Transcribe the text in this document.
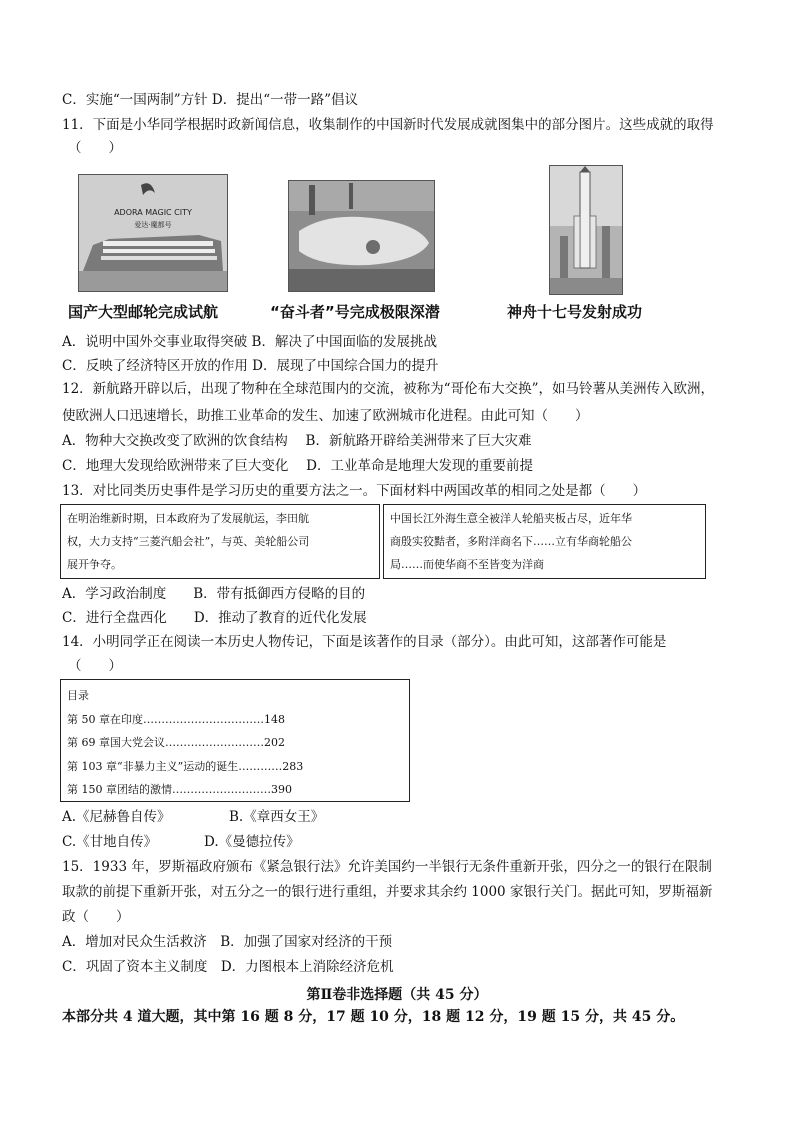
C．实施“一国两制”方针 D．提出“一带一路”倡议
11．下面是小华同学根据时政新闻信息，收集制作的中国新时代发展成就图集中的部分图片。这些成就的取得
（　　）
ADORA MAGIC CITY
爱达·魔都号
国产大型邮轮完成试航	“奋斗者”号完成极限深潜	神舟十七号发射成功
A．说明中国外交事业取得突破 B．解决了中国面临的发展挑战
C．反映了经济特区开放的作用 D．展现了中国综合国力的提升
12．新航路开辟以后，出现了物种在全球范围内的交流，被称为“哥伦布大交换”，如马铃薯从美洲传入欧洲，
使欧洲人口迅速增长，助推工业革命的发生、加速了欧洲城市化进程。由此可知（　　）
A．物种大交换改变了欧洲的饮食结构　 B．新航路开辟给美洲带来了巨大灾难
C．地理大发现给欧洲带来了巨大变化　 D．工业革命是地理大发现的重要前提
13．对比同类历史事件是学习历史的重要方法之一。下面材料中两国改革的相同之处是都（　　）
在明治维新时期，日本政府为了发展航运，李田航
权，大力支持“三菱汽船会社”，与英、美轮船公司
展开争夺。
中国长江外海生意全被洋人轮船夹板占尽，近年华
商殷实狡黠者，多附洋商名下……立有华商轮船公
局……而使华商不至皆变为洋商
A．学习政治制度　　B．带有抵御西方侵略的目的
C．进行全盘西化　　D．推动了教育的近代化发展
14．小明同学正在阅读一本历史人物传记，下面是该著作的目录（部分）。由此可知，这部著作可能是
（　　）
目录
第 50 章在印度……………………………148
第 69 章国大党会议………………………202
第 103 章“非暴力主义”运动的诞生…………283
第 150 章团结的激情………………………390
A.《尼赫鲁自传》	B.《章西女王》
C.《甘地自传》	D.《曼德拉传》
15．1933 年，罗斯福政府颁布《紧急银行法》允许美国约一半银行无条件重新开张，四分之一的银行在限制
取款的前提下重新开张，对五分之一的银行进行重组，并要求其余约 1000 家银行关门。据此可知，罗斯福新
政（　　）
A．增加对民众生活救济　B．加强了国家对经济的干预
C．巩固了资本主义制度　D．力图根本上消除经济危机
第Ⅱ卷非选择题（共 45 分）
本部分共 4 道大题，其中第 16 题 8 分，17 题 10 分，18 题 12 分，19 题 15 分，共 45 分。
